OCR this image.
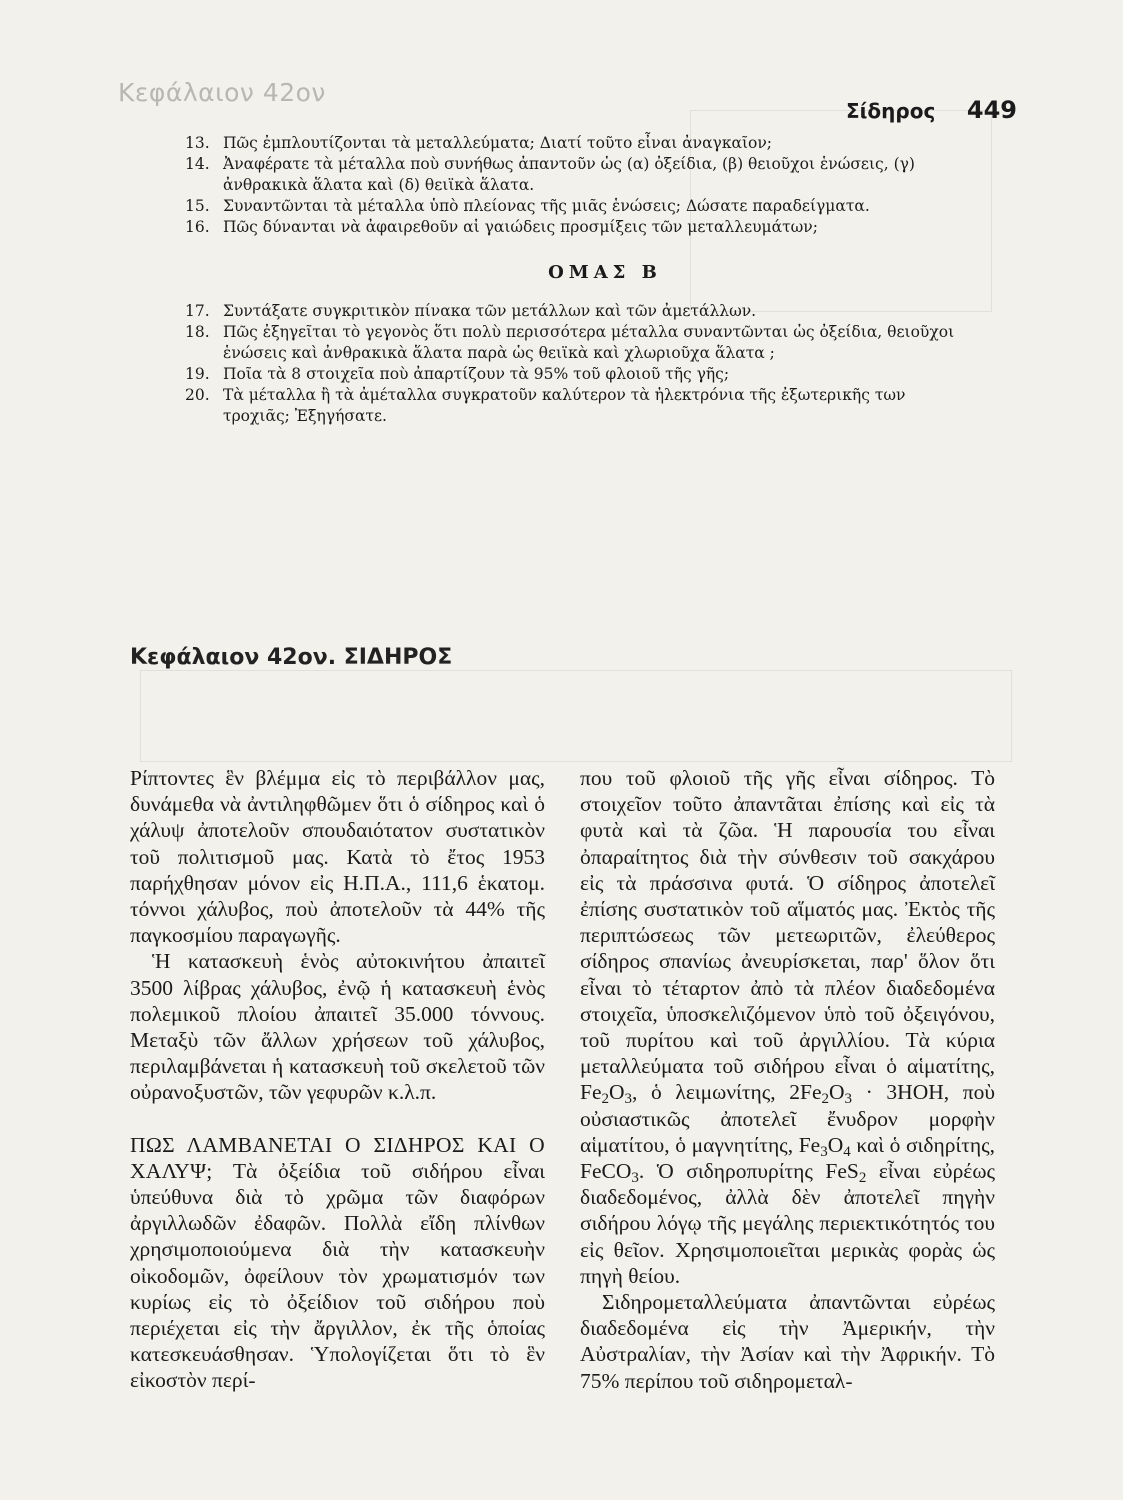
Κεφάλαιον 42ον
Σίδηρος 449
13. Πῶς ἐμπλουτίζονται τὰ μεταλλεύματα; Διατί τοῦτο εἶναι ἀναγκαῖον;
14. Ἀναφέρατε τὰ μέταλλα ποὺ συνήθως ἀπαντοῦν ὡς (α) ὀξείδια, (β) θειοῦχοι ἑνώσεις, (γ) ἀνθρακικὰ ἅλατα καὶ (δ) θειϊκὰ ἅλατα.
15. Συναντῶνται τὰ μέταλλα ὑπὸ πλείονας τῆς μιᾶς ἑνώσεις; Δώσατε παραδείγματα.
16. Πῶς δύνανται νὰ ἀφαιρεθοῦν αἱ γαιώδεις προσμίξεις τῶν μεταλλευμάτων;
ΟΜΑΣ Β
17. Συντάξατε συγκριτικὸν πίνακα τῶν μετάλλων καὶ τῶν ἀμετάλλων.
18. Πῶς ἐξηγεῖται τὸ γεγονὸς ὅτι πολὺ περισσότερα μέταλλα συναντῶνται ὡς ὀξείδια, θειοῦχοι ἑνώσεις καὶ ἀνθρακικὰ ἅλατα παρὰ ὡς θειϊκὰ καὶ χλωριοῦχα ἅλατα ;
19. Ποῖα τὰ 8 στοιχεῖα ποὺ ἀπαρτίζουν τὰ 95% τοῦ φλοιοῦ τῆς γῆς;
20. Τὰ μέταλλα ἢ τὰ ἀμέταλλα συγκρατοῦν καλύτερον τὰ ἠλεκτρόνια τῆς ἐξωτερικῆς των τροχιᾶς; Ἐξηγήσατε.
Κεφάλαιον 42ον. ΣΙΔΗΡΟΣ

Ρίπτοντες ἓν βλέμμα εἰς τὸ περιβάλλον μας, δυνάμεθα νὰ ἀντιληφθῶμεν ὅτι ὁ σίδηρος καὶ ὁ χάλυψ ἀποτελοῦν σπουδαιότατον συστατικὸν τοῦ πολιτισμοῦ μας. Κατὰ τὸ ἔτος 1953 παρήχθησαν μόνον εἰς Η.Π.Α., 111,6 ἑκατομ. τόννοι χάλυβος, ποὺ ἀποτελοῦν τὰ 44% τῆς παγκοσμίου παραγωγῆς.

Ἡ κατασκευὴ ἑνὸς αὐτοκινήτου ἀπαιτεῖ 3500 λίβρας χάλυβος, ἐνῷ ἡ κατασκευὴ ἑνὸς πολεμικοῦ πλοίου ἀπαιτεῖ 35.000 τόννους. Μεταξὺ τῶν ἄλλων χρήσεων τοῦ χάλυβος, περιλαμβάνεται ἡ κατασκευὴ τοῦ σκελετοῦ τῶν οὐρανοξυστῶν, τῶν γεφυρῶν κ.λ.π.

ΠΩΣ ΛΑΜΒΑΝΕΤΑΙ Ο ΣΙΔΗΡΟΣ ΚΑΙ Ο ΧΑΛΥΨ; Τὰ ὀξείδια τοῦ σιδήρου εἶναι ὑπεύθυνα διὰ τὸ χρῶμα τῶν διαφόρων ἀργιλλωδῶν ἐδαφῶν. Πολλὰ εἴδη πλίνθων χρησιμοποιούμενα διὰ τὴν κατασκευὴν οἰκοδομῶν, ὀφείλουν τὸν χρωματισμόν των κυρίως εἰς τὸ ὀξείδιον τοῦ σιδήρου ποὺ περιέχεται εἰς τὴν ἄργιλλον, ἐκ τῆς ὁποίας κατεσκευάσθησαν. Ὑπολογίζεται ὅτι τὸ ἓν εἰκοστὸν περί-

που τοῦ φλοιοῦ τῆς γῆς εἶναι σίδηρος. Τὸ στοιχεῖον τοῦτο ἀπαντᾶται ἐπίσης καὶ εἰς τὰ φυτὰ καὶ τὰ ζῶα. Ἡ παρουσία του εἶναι ὀπαραίτητος διὰ τὴν σύνθεσιν τοῦ σακχάρου εἰς τὰ πράσσινα φυτά. Ὁ σίδηρος ἀποτελεῖ ἐπίσης συστατικὸν τοῦ αἵματός μας. Ἐκτὸς τῆς περιπτώσεως τῶν μετεωριτῶν, ἐλεύθερος σίδηρος σπανίως ἀνευρίσκεται, παρ' ὅλον ὅτι εἶναι τὸ τέταρτον ἀπὸ τὰ πλέον διαδεδομένα στοιχεῖα, ὑποσκελιζόμενον ὑπὸ τοῦ ὀξειγόνου, τοῦ πυρίτου καὶ τοῦ ἀργιλλίου. Τὰ κύρια μεταλλεύματα τοῦ σιδήρου εἶναι ὁ αἱματίτης, $Fe_2O_3$, ὁ λειμωνίτης, $2Fe_2O_3 \cdot 3HOH$, ποὺ οὐσιαστικῶς ἀποτελεῖ ἔνυδρον μορφὴν αἱματίτου, ὁ μαγνητίτης, $Fe_3O_4$ καὶ ὁ σιδηρίτης, FeCO$_3$. Ὁ σιδηροπυρίτης FeS$_2$ εἶναι εὐρέως διαδεδομένος, ἀλλὰ δὲν ἀποτελεῖ πηγὴν σιδήρου λόγῳ τῆς μεγάλης περιεκτικότητός του εἰς θεῖον. Χρησιμοποιεῖται μερικὰς φορὰς ὡς πηγὴ θείου.

Σιδηρομεταλλεύματα ἀπαντῶνται εὐρέως διαδεδομένα εἰς τὴν Ἀμερικήν, τὴν Αὐστραλίαν, τὴν Ἀσίαν καὶ τὴν Ἀφρικήν. Τὸ 75% περίπου τοῦ σιδηρομεταλ-
